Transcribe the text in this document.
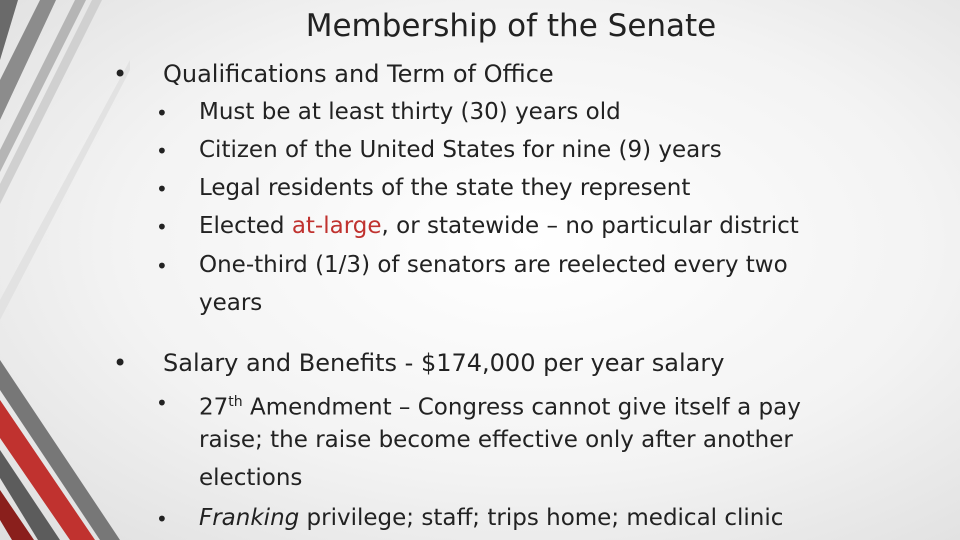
Membership of the Senate
• Qualifications and Term of Office
• Must be at least thirty (30) years old
• Citizen of the United States for nine (9) years
• Legal residents of the state they represent
• Elected at-large, or statewide – no particular district
• One-third (1/3) of senators are reelected every two
years
• Salary and Benefits - $174,000 per year salary
• 27th Amendment – Congress cannot give itself a pay
raise; the raise become effective only after another
elections
• Franking privilege; staff; trips home; medical clinic
